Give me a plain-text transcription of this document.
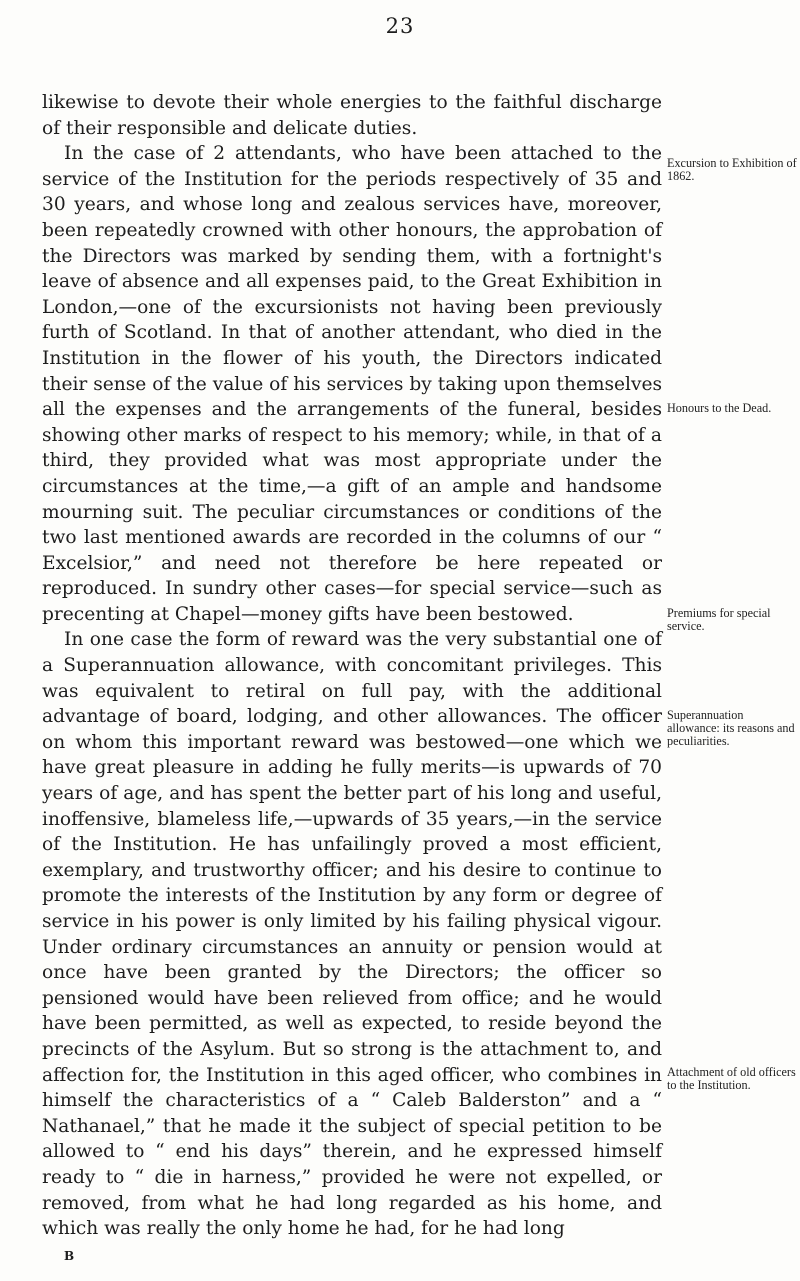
23

likewise to devote their whole energies to the faithful discharge of their responsible and delicate duties.

In the case of 2 attendants, who have been attached to the service of the Institution for the periods respectively of 35 and 30 years, and whose long and zealous services have, moreover, been repeatedly crowned with other honours, the approbation of the Directors was marked by sending them, with a fortnight's leave of absence and all expenses paid, to the Great Exhibition in London,—one of the excursionists not having been previously furth of Scotland. In that of another attendant, who died in the Institution in the flower of his youth, the Directors indicated their sense of the value of his services by taking upon themselves all the expenses and the arrangements of the funeral, besides showing other marks of respect to his memory; while, in that of a third, they provided what was most appropriate under the circumstances at the time,—a gift of an ample and handsome mourning suit. The peculiar circumstances or conditions of the two last mentioned awards are recorded in the columns of our “ Excelsior,” and need not therefore be here repeated or reproduced. In sundry other cases—for special service—such as precenting at Chapel—money gifts have been bestowed.

In one case the form of reward was the very substantial one of a Superannuation allowance, with concomitant privileges. This was equivalent to retiral on full pay, with the additional advantage of board, lodging, and other allowances. The officer on whom this important reward was bestowed—one which we have great pleasure in adding he fully merits—is upwards of 70 years of age, and has spent the better part of his long and useful, inoffensive, blameless life,—upwards of 35 years,—in the service of the Institution. He has unfailingly proved a most efficient, exemplary, and trustworthy officer; and his desire to continue to promote the interests of the Institution by any form or degree of service in his power is only limited by his failing physical vigour. Under ordinary circumstances an annuity or pension would at once have been granted by the Directors; the officer so pensioned would have been relieved from office; and he would have been permitted, as well as expected, to reside beyond the precincts of the Asylum. But so strong is the attachment to, and affection for, the Institution in this aged officer, who combines in himself the characteristics of a “ Caleb Balderston” and a “ Nathanael,” that he made it the subject of special petition to be allowed to “ end his days” therein, and he expressed himself ready to “ die in harness,” provided he were not expelled, or removed, from what he had long regarded as his home, and which was really the only home he had, for he had long

Excursion to Exhibition of 1862.
Honours to the Dead.
Premiums for special service.
Superannuation allowance: its reasons and peculiarities.
Attachment of old officers to the Institution.
B
